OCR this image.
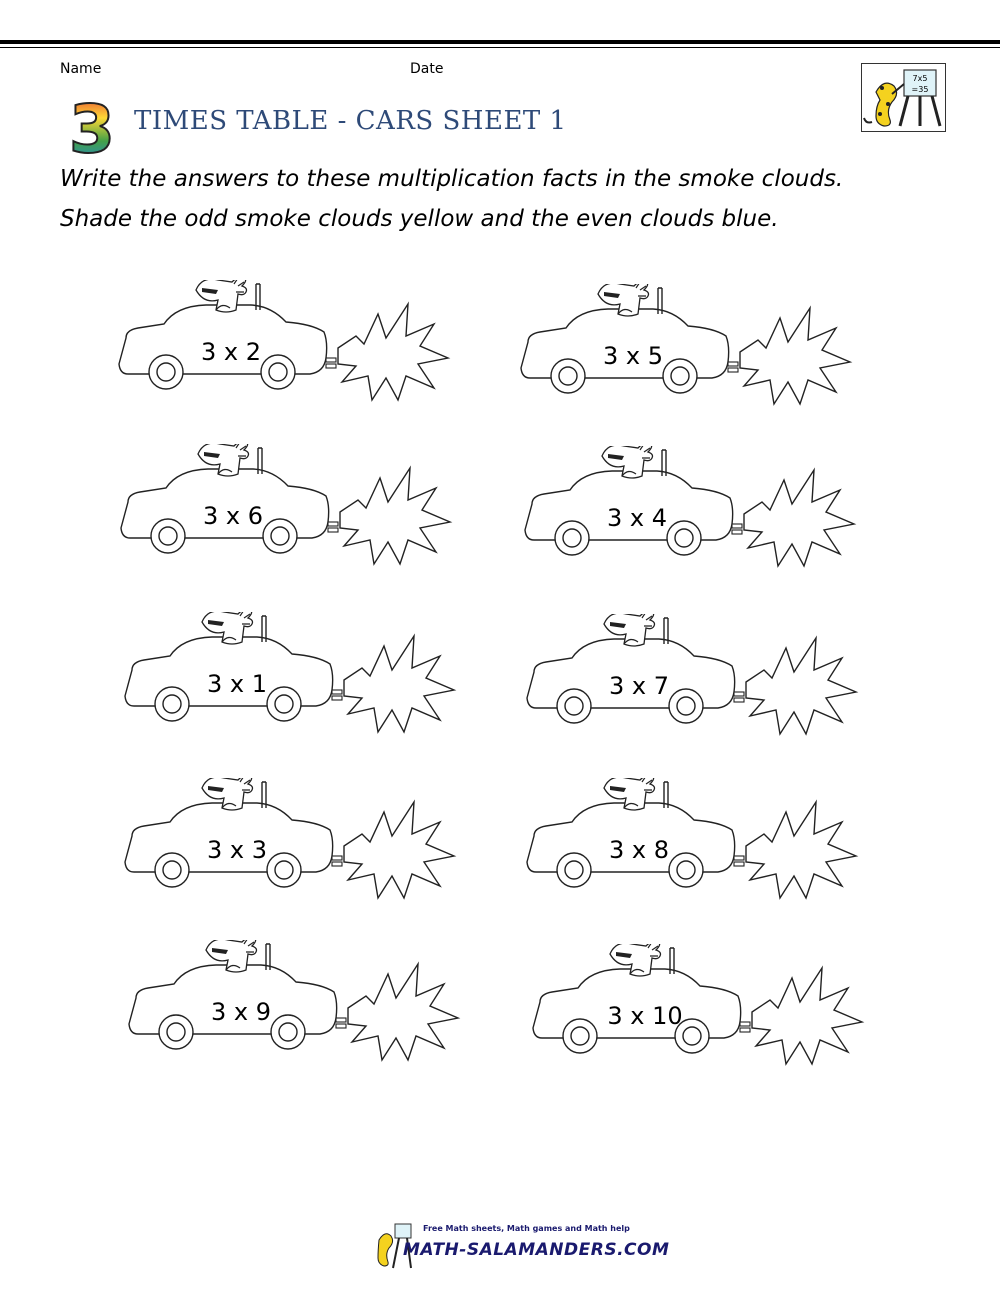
Name	Date
3 TIMES TABLE - CARS SHEET 1
7x5
=35
Write the answers to these multiplication facts in the smoke clouds.
Shade the odd smoke clouds yellow and the even clouds blue.
3 x 2	3 x 5
3 x 6	3 x 4
3 x 1	3 x 7
3 x 3	3 x 8
3 x 9	3 x 10
Free Math sheets, Math games and Math help
MATH-SALAMANDERS.COM
